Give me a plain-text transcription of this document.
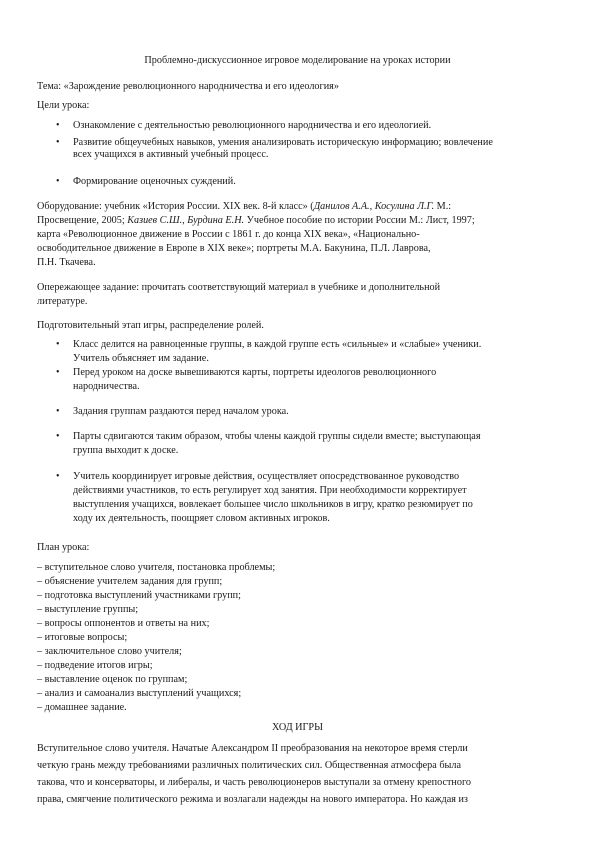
Проблемно-дискуссионное игровое моделирование на уроках истории
Тема: «Зарождение революционного народничества и его идеология»
Цели урока:
• Ознакомление с деятельностью революционного народничества и его идеологией.
• Развитие общеучебных навыков, умения анализировать историческую информацию; вовлечение
всех учащихся в активный учебный процесс.
• Формирование оценочных суждений.
Оборудование: учебник «История России. XIX век. 8-й класс» (Данилов А.А., Косулина Л.Г. М.:
Просвещение, 2005; Казиев С.Ш., Бурдина Е.Н. Учебное пособие по истории России М.: Лист, 1997;
карта «Революционное движение в России с 1861 г. до конца XIX века», «Национально-
освободительное движение в Европе в XIX веке»; портреты М.А. Бакунина, П.Л. Лаврова,
П.Н. Ткачева.
Опережающее задание: прочитать соответствующий материал в учебнике и дополнительной
литературе.
Подготовительный этап игры, распределение ролей.
• Класс делится на равноценные группы, в каждой группе есть «сильные» и «слабые» ученики.
Учитель объясняет им задание.
• Перед уроком на доске вывешиваются карты, портреты идеологов революционного
народничества.
• Задания группам раздаются перед началом урока.
• Парты сдвигаются таким образом, чтобы члены каждой группы сидели вместе; выступающая
группа выходит к доске.
• Учитель координирует игровые действия, осуществляет опосредствованное руководство
действиями участников, то есть регулирует ход занятия. При необходимости корректирует
выступления учащихся, вовлекает большее число школьников в игру, кратко резюмирует по
ходу их деятельность, поощряет словом активных игроков.
План урока:
– вступительное слово учителя, постановка проблемы;
– объяснение учителем задания для групп;
– подготовка выступлений участниками групп;
– выступление группы;
– вопросы оппонентов и ответы на них;
– итоговые вопросы;
– заключительное слово учителя;
– подведение итогов игры;
– выставление оценок по группам;
– анализ и самоанализ выступлений учащихся;
– домашнее задание.
ХОД ИГРЫ
Вступительное слово учителя. Начатые Александром II преобразования на некоторое время стерли
четкую грань между требованиями различных политических сил. Общественная атмосфера была
такова, что и консерваторы, и либералы, и часть революционеров выступали за отмену крепостного
права, смягчение политического режима и возлагали надежды на нового императора. Но каждая из
